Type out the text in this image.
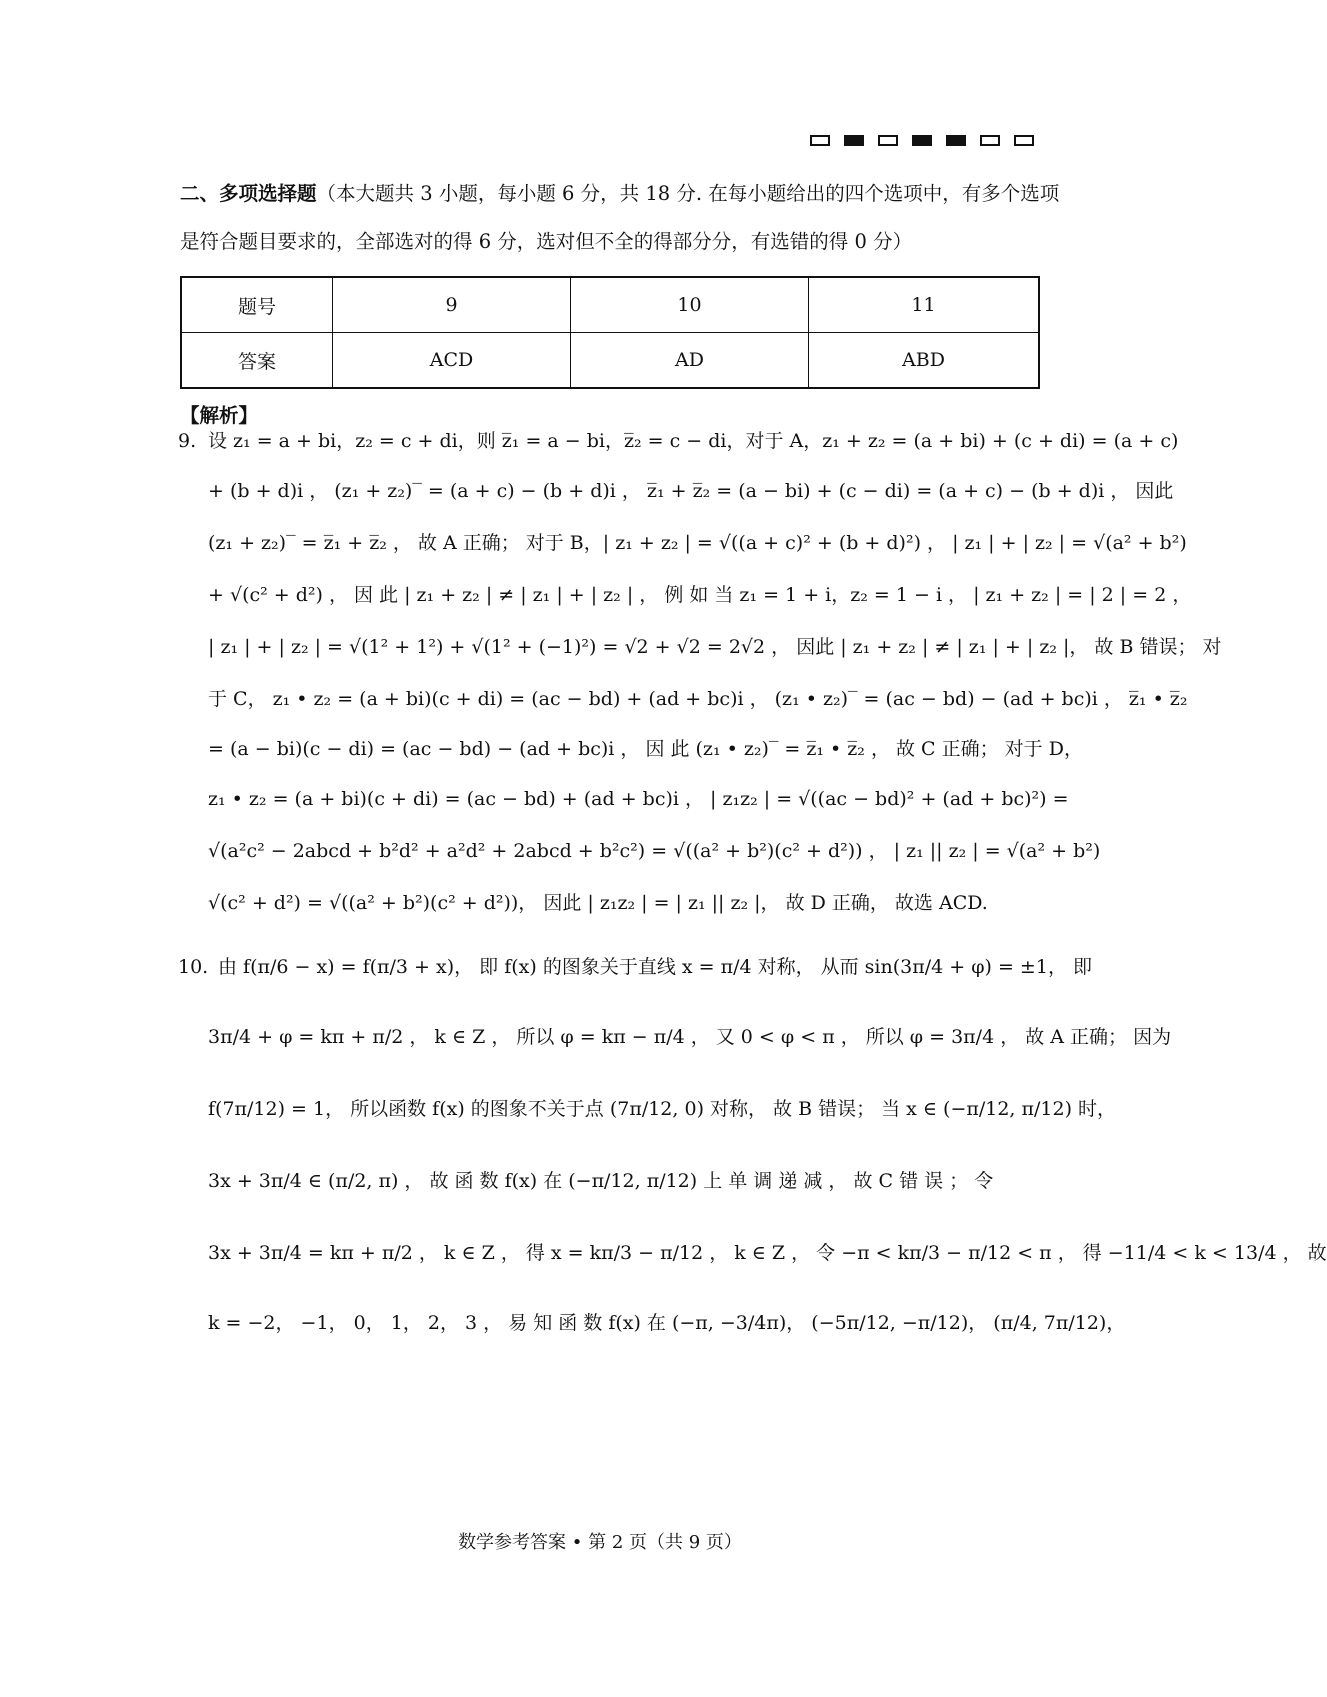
二、多项选择题（本大题共 3 小题，每小题 6 分，共 18 分. 在每小题给出的四个选项中，有多个选项是符合题目要求的，全部选对的得 6 分，选对但不全的得部分分，有选错的得 0 分）
题号	9	10	11
答案	ACD	AD	ABD
【解析】
9. 设 z₁ = a + bi，z₂ = c + di，则 z̅₁ = a − bi，z̅₂ = c − di，对于 A，z₁ + z₂ = (a + bi) + (c + di) = (a + c)
+ (b + d)i ， (z₁ + z₂)‾ = (a + c) − (b + d)i ， z̅₁ + z̅₂ = (a − bi) + (c − di) = (a + c) − (b + d)i ， 因此
(z₁ + z₂)‾ = z̅₁ + z̅₂ ， 故 A 正确； 对于 B，| z₁ + z₂ | = √((a + c)² + (b + d)²) ， | z₁ | + | z₂ | = √(a² + b²)
+ √(c² + d²) ， 因 此 | z₁ + z₂ | ≠ | z₁ | + | z₂ | ， 例 如 当 z₁ = 1 + i，z₂ = 1 − i ， | z₁ + z₂ | = | 2 | = 2 ，
| z₁ | + | z₂ | = √(1² + 1²) + √(1² + (−1)²) = √2 + √2 = 2√2 ， 因此 | z₁ + z₂ | ≠ | z₁ | + | z₂ |， 故 B 错误； 对
于 C， z₁ • z₂ = (a + bi)(c + di) = (ac − bd) + (ad + bc)i ， (z₁ • z₂)‾ = (ac − bd) − (ad + bc)i ， z̅₁ • z̅₂
= (a − bi)(c − di) = (ac − bd) − (ad + bc)i ， 因 此 (z₁ • z₂)‾ = z̅₁ • z̅₂ ， 故 C 正确； 对于 D，
z₁ • z₂ = (a + bi)(c + di) = (ac − bd) + (ad + bc)i ， | z₁z₂ | = √((ac − bd)² + (ad + bc)²) =
√(a²c² − 2abcd + b²d² + a²d² + 2abcd + b²c²) = √((a² + b²)(c² + d²)) ， | z₁ || z₂ | = √(a² + b²)
√(c² + d²) = √((a² + b²)(c² + d²))， 因此 | z₁z₂ | = | z₁ || z₂ |， 故 D 正确， 故选 ACD.
10. 由 f(π/6 − x) = f(π/3 + x)， 即 f(x) 的图象关于直线 x = π/4 对称， 从而 sin(3π/4 + φ) = ±1， 即
3π/4 + φ = kπ + π/2 ， k ∈ Z ， 所以 φ = kπ − π/4 ， 又 0 < φ < π ， 所以 φ = 3π/4 ， 故 A 正确； 因为
f(7π/12) = 1， 所以函数 f(x) 的图象不关于点 (7π/12, 0) 对称， 故 B 错误； 当 x ∈ (−π/12, π/12) 时，
3x + 3π/4 ∈ (π/2, π) ， 故 函 数 f(x) 在 (−π/12, π/12) 上 单 调 递 减 ， 故 C 错 误 ； 令
3x + 3π/4 = kπ + π/2 ， k ∈ Z ， 得 x = kπ/3 − π/12 ， k ∈ Z ， 令 −π < kπ/3 − π/12 < π ， 得 −11/4 < k < 13/4 ， 故
k = −2， −1， 0， 1， 2， 3 ， 易 知 函 数 f(x) 在 (−π, −3/4π)， (−5π/12, −π/12)， (π/4, 7π/12)，
数学参考答案 • 第 2 页（共 9 页）
